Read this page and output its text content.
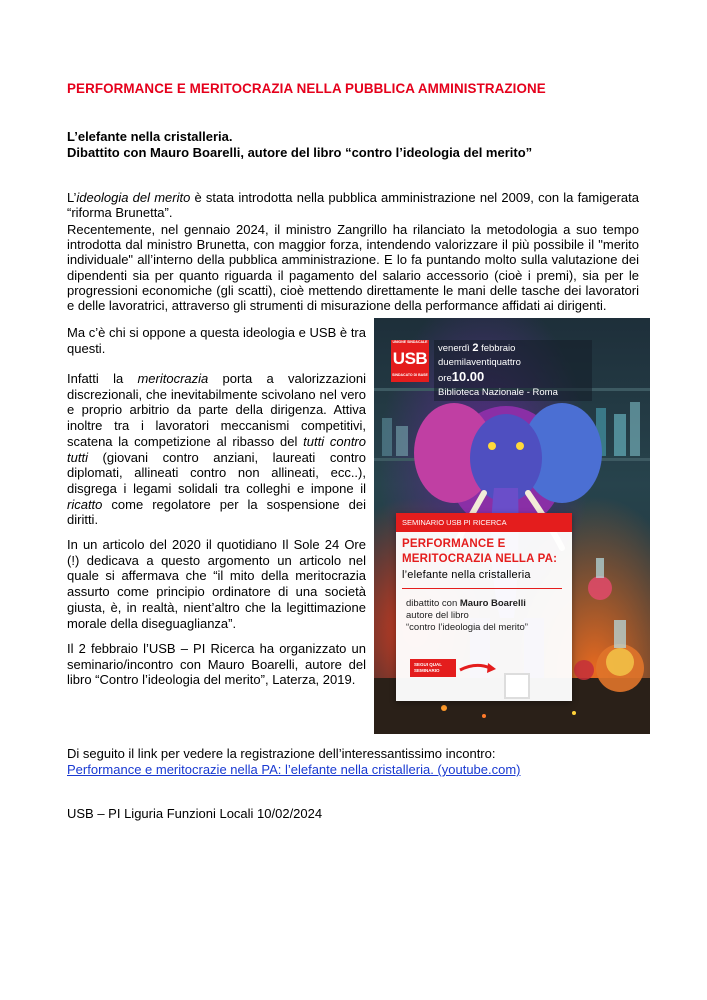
PERFORMANCE E MERITOCRAZIA NELLA PUBBLICA AMMINISTRAZIONE
L’elefante nella cristalleria.
Dibattito con Mauro Boarelli, autore del libro “contro l’ideologia del merito”
L’ideologia del merito è stata introdotta nella pubblica amministrazione nel 2009, con la famigerata “riforma Brunetta”.
Recentemente, nel gennaio 2024, il ministro Zangrillo ha rilanciato la metodologia a suo tempo introdotta dal ministro Brunetta, con maggior forza, intendendo valorizzare il più possibile il "merito individuale" all’interno della pubblica amministrazione. E lo fa puntando molto sulla valutazione dei dipendenti sia per quanto riguarda il pagamento del salario accessorio (cioè i premi), sia per le progressioni economiche (gli scatti), cioè mettendo direttamente le mani delle tasche dei lavoratori e delle lavoratrici, attraverso gli strumenti di misurazione della performance affidati ai dirigenti.
Ma c’è chi si oppone a questa ideologia e USB è tra questi.
Infatti la meritocrazia porta a valorizzazioni discrezionali, che inevitabilmente scivolano nel vero e proprio arbitrio da parte della dirigenza. Attiva inoltre tra i lavoratori meccanismi competitivi, scatena la competizione al ribasso del tutti contro tutti (giovani contro anziani, laureati contro diplomati, allineati contro non allineati, ecc..), disgrega i legami solidali tra colleghi e impone il ricatto come regolatore per la sospensione dei diritti.
In un articolo del 2020 il quotidiano Il Sole 24 Ore (!) dedicava a questo argomento un articolo nel quale si affermava che “il mito della meritocrazia assurto come principio ordinatore di una società giusta, è, in realtà, nient’altro che la legittimazione morale della diseguaglianza”.
Il 2 febbraio l’USB – PI Ricerca ha organizzato un seminario/incontro con Mauro Boarelli, autore del libro “Contro l’ideologia del merito”, Laterza, 2019.
UNIONE SINDACALE
USB
SINDACATO DI BASE
venerdì 2 febbraio duemilaventiquattro
ore10.00
Biblioteca Nazionale - Roma
SEMINARIO USB PI RICERCA
PERFORMANCE E
MERITOCRAZIA NELLA PA:
l’elefante nella cristalleria
dibattito con Mauro Boarelli
autore del libro
“contro l’ideologia del merito”
SEGUI QUAL SEMINARIO
Di seguito il link per vedere la registrazione dell’interessantissimo incontro:
Performance e meritocrazie nella PA: l’elefante nella cristalleria. (youtube.com)
USB – PI Liguria Funzioni Locali 10/02/2024
